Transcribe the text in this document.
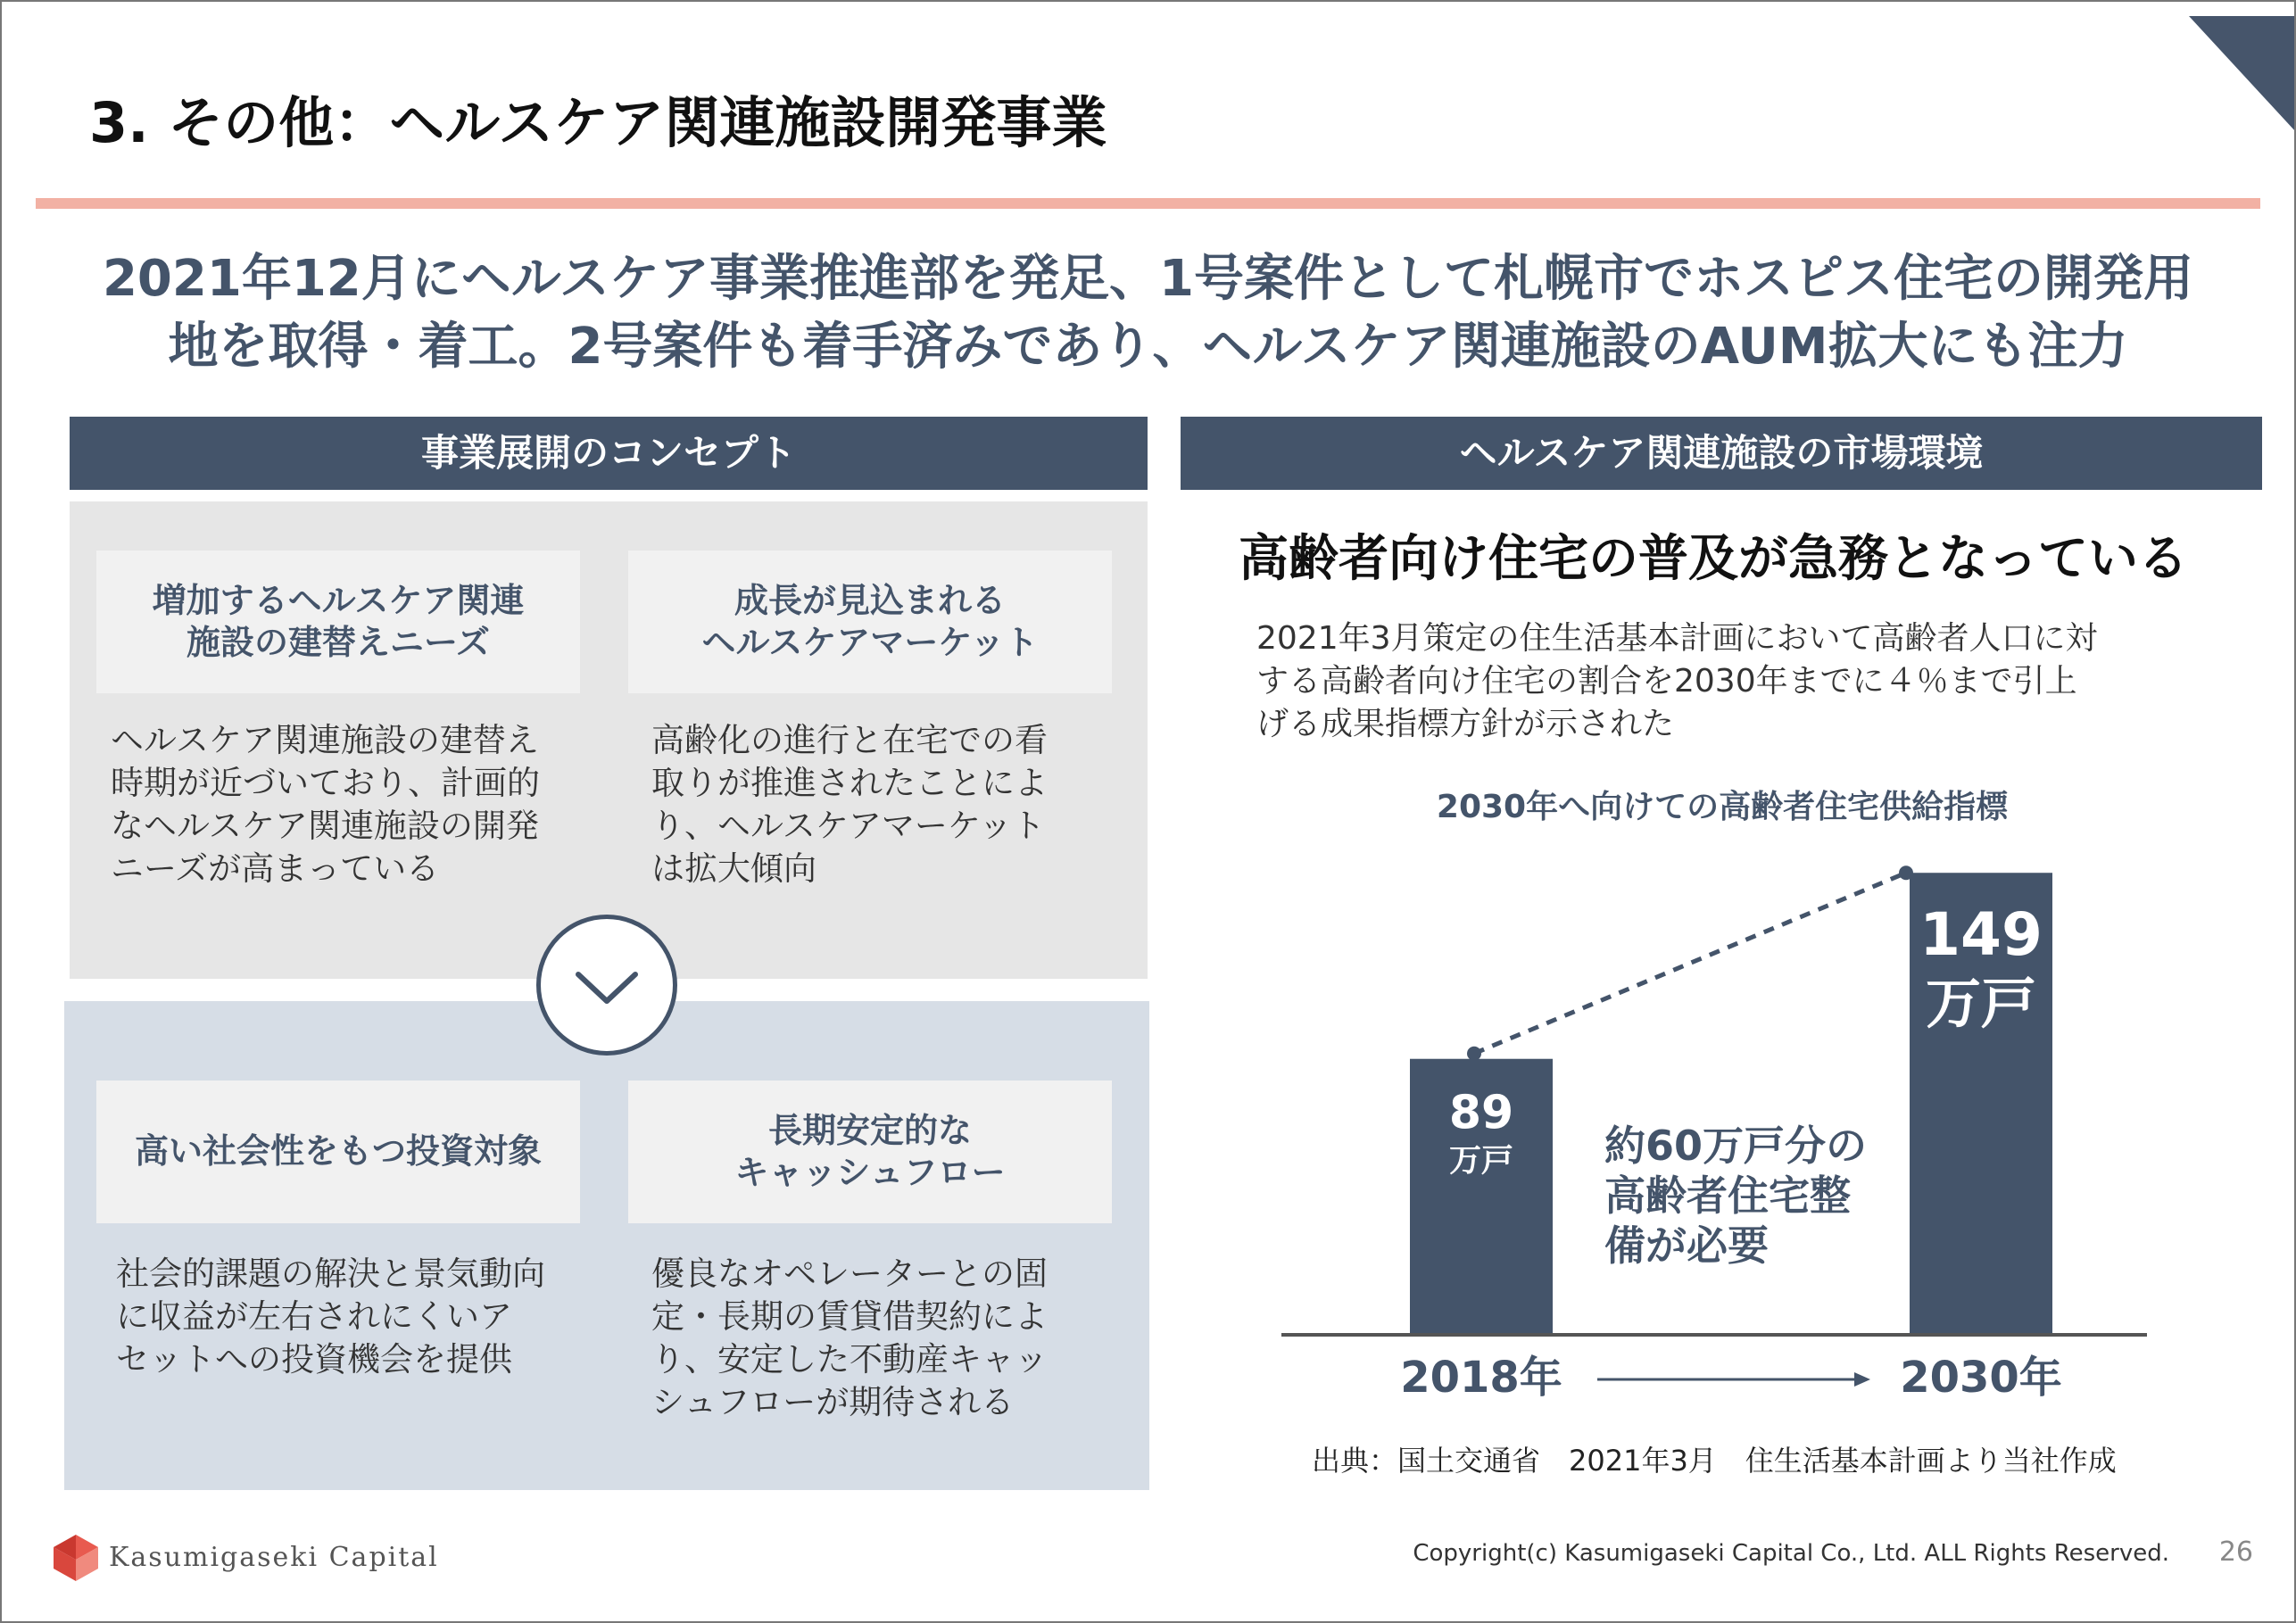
3. その他：ヘルスケア関連施設開発事業
2021年12月にヘルスケア事業推進部を発足、1号案件として札幌市でホスピス住宅の開発用
地を取得・着工。2号案件も着手済みであり、ヘルスケア関連施設のAUM拡大にも注力
事業展開のコンセプト
増加するヘルスケア関連
施設の建替えニーズ
成長が見込まれる
ヘルスケアマーケット
ヘルスケア関連施設の建替え
時期が近づいており、計画的
なヘルスケア関連施設の開発
ニーズが高まっている
高齢化の進行と在宅での看
取りが推進されたことによ
り、ヘルスケアマーケット
は拡大傾向
高い社会性をもつ投資対象
長期安定的な
キャッシュフロー
社会的課題の解決と景気動向
に収益が左右されにくいア
セットへの投資機会を提供
優良なオペレーターとの固
定・長期の賃貸借契約によ
り、安定した不動産キャッ
シュフローが期待される
ヘルスケア関連施設の市場環境
高齢者向け住宅の普及が急務となっている
2021年3月策定の住生活基本計画において高齢者人口に対
する高齢者向け住宅の割合を2030年までに４％まで引上
げる成果指標方針が示された
2030年へ向けての高齢者住宅供給指標
89
万戸
2018年
149
万戸
2030年
約60万戸分の
高齢者住宅整
備が必要
出典：国土交通省　2021年3月　住生活基本計画より当社作成
Kasumigaseki Capital	Copyright(c) Kasumigaseki Capital Co., Ltd. ALL Rights Reserved. 26
